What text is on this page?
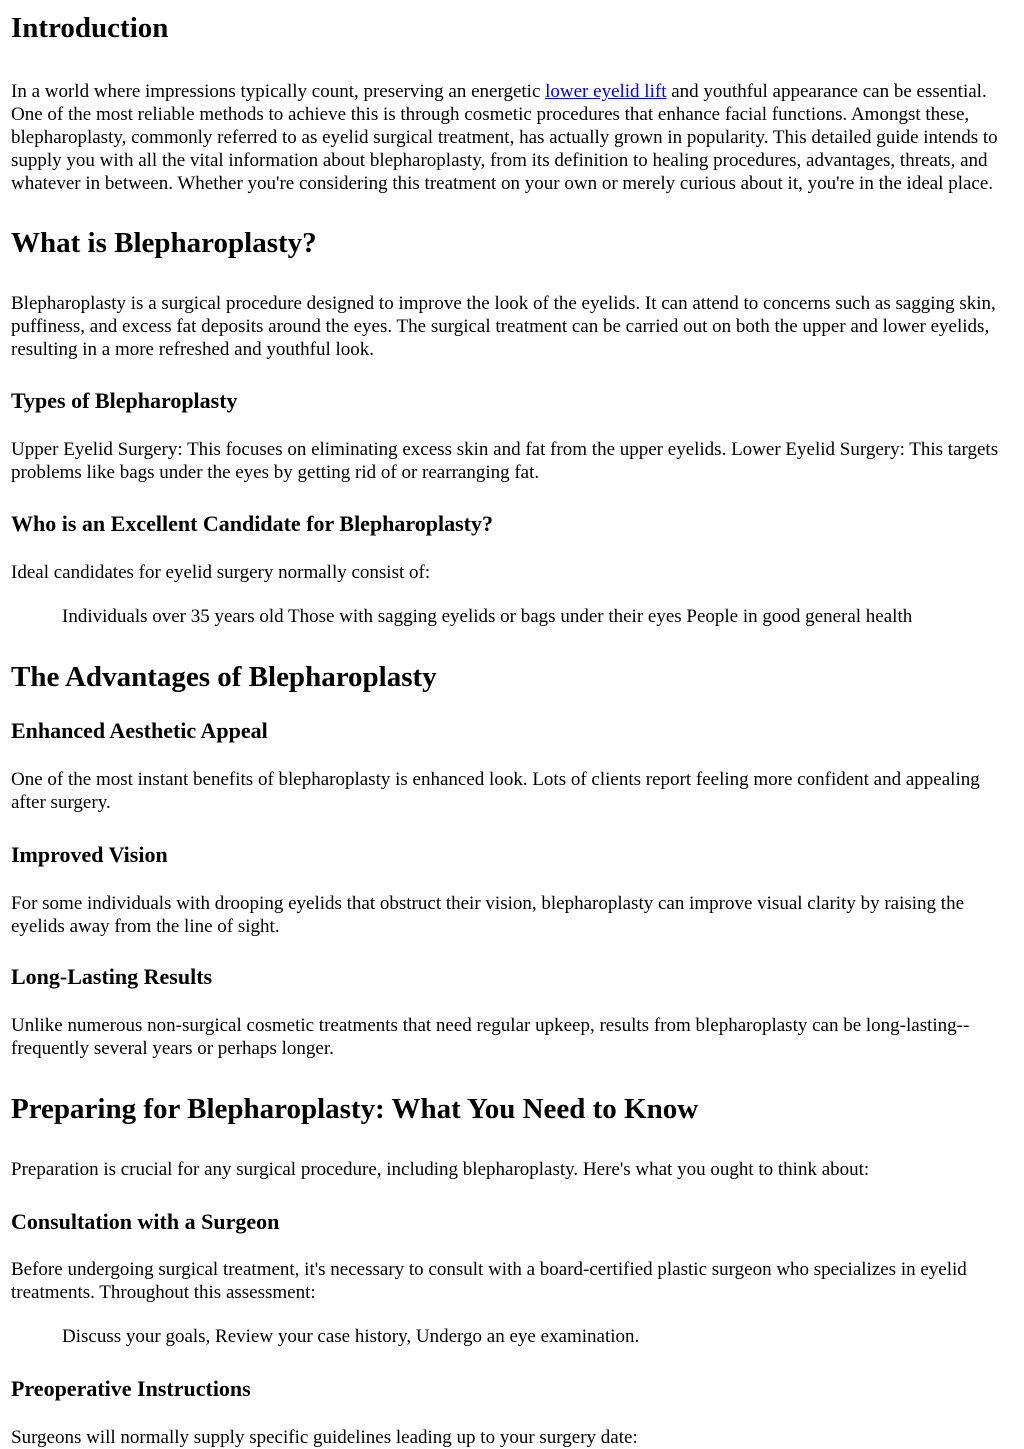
Introduction

In a world where impressions typically count, preserving an energetic lower eyelid lift and youthful appearance can be essential. One of the most reliable methods to achieve this is through cosmetic procedures that enhance facial functions. Amongst these, blepharoplasty, commonly referred to as eyelid surgical treatment, has actually grown in popularity. This detailed guide intends to supply you with all the vital information about blepharoplasty, from its definition to healing procedures, advantages, threats, and whatever in between. Whether you're considering this treatment on your own or merely curious about it, you're in the ideal place.

What is Blepharoplasty?

Blepharoplasty is a surgical procedure designed to improve the look of the eyelids. It can attend to concerns such as sagging skin, puffiness, and excess fat deposits around the eyes. The surgical treatment can be carried out on both the upper and lower eyelids, resulting in a more refreshed and youthful look.

Types of Blepharoplasty

Upper Eyelid Surgery: This focuses on eliminating excess skin and fat from the upper eyelids. Lower Eyelid Surgery: This targets problems like bags under the eyes by getting rid of or rearranging fat.

Who is an Excellent Candidate for Blepharoplasty?

Ideal candidates for eyelid surgery normally consist of:

Individuals over 35 years old Those with sagging eyelids or bags under their eyes People in good general health
The Advantages of Blepharoplasty
Enhanced Aesthetic Appeal

One of the most instant benefits of blepharoplasty is enhanced look. Lots of clients report feeling more confident and appealing after surgery.

Improved Vision

For some individuals with drooping eyelids that obstruct their vision, blepharoplasty can improve visual clarity by raising the eyelids away from the line of sight.

Long-Lasting Results

Unlike numerous non-surgical cosmetic treatments that need regular upkeep, results from blepharoplasty can be long-lasting-- frequently several years or perhaps longer.

Preparing for Blepharoplasty: What You Need to Know

Preparation is crucial for any surgical procedure, including blepharoplasty. Here's what you ought to think about:

Consultation with a Surgeon

Before undergoing surgical treatment, it's necessary to consult with a board-certified plastic surgeon who specializes in eyelid treatments. Throughout this assessment:

Discuss your goals, Review your case history, Undergo an eye examination.
Preoperative Instructions

Surgeons will normally supply specific guidelines leading up to your surgery date:
